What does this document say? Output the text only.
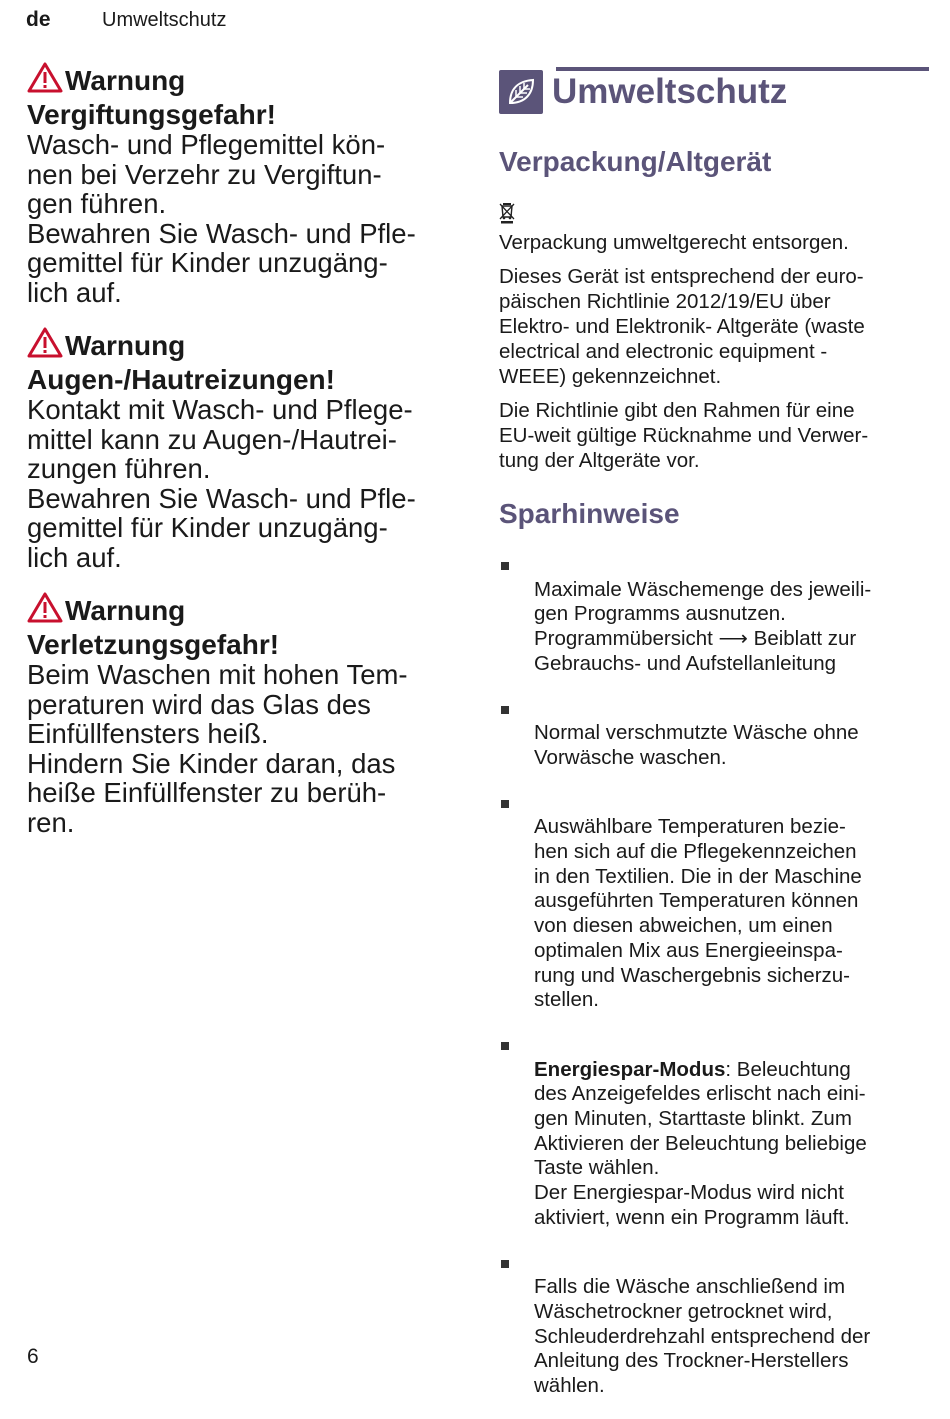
de	Umweltschutz
Warnung
Vergiftungsgefahr!

Wasch- und Pflegemittel kön-
nen bei Verzehr zu Vergiftun-
gen führen.

Bewahren Sie Wasch- und Pfle-
gemittel für Kinder unzugäng-
lich auf.

Warnung
Augen-/Hautreizungen!

Kontakt mit Wasch- und Pflege-
mittel kann zu Augen-/Hautrei-
zungen führen.

Bewahren Sie Wasch- und Pfle-
gemittel für Kinder unzugäng-
lich auf.

Warnung
Verletzungsgefahr!

Beim Waschen mit hohen Tem-
peraturen wird das Glas des
Einfüllfensters heiß.

Hindern Sie Kinder daran, das
heiße Einfüllfenster zu berüh-
ren.

Umweltschutz
Verpackung/Altgerät

Verpackung umweltgerecht entsorgen.

Dieses Gerät ist entsprechend der euro-
päischen Richtlinie 2012/19/EU über
Elektro- und Elektronik- Altgeräte (waste
electrical and electronic equipment -
WEEE) gekennzeichnet.

Die Richtlinie gibt den Rahmen für eine
EU-weit gültige Rücknahme und Verwer-
tung der Altgeräte vor.

Sparhinweise

Maximale Wäschemenge des jeweili-
gen Programms ausnutzen.
Programmübersicht ⟶ Beiblatt zur
Gebrauchs- und Aufstellanleitung

Normal verschmutzte Wäsche ohne
Vorwäsche waschen.

Auswählbare Temperaturen bezie-
hen sich auf die Pflegekennzeichen
in den Textilien. Die in der Maschine
ausgeführten Temperaturen können
von diesen abweichen, um einen
optimalen Mix aus Energieeinspa-
rung und Waschergebnis sicherzu-
stellen.

Energiespar-Modus: Beleuchtung
des Anzeigefeldes erlischt nach eini-
gen Minuten, Starttaste blinkt. Zum
Aktivieren der Beleuchtung beliebige
Taste wählen.
Der Energiespar-Modus wird nicht
aktiviert, wenn ein Programm läuft.

Falls die Wäsche anschließend im
Wäschetrockner getrocknet wird,
Schleuderdrehzahl entsprechend der
Anleitung des Trockner-Herstellers
wählen.

6
